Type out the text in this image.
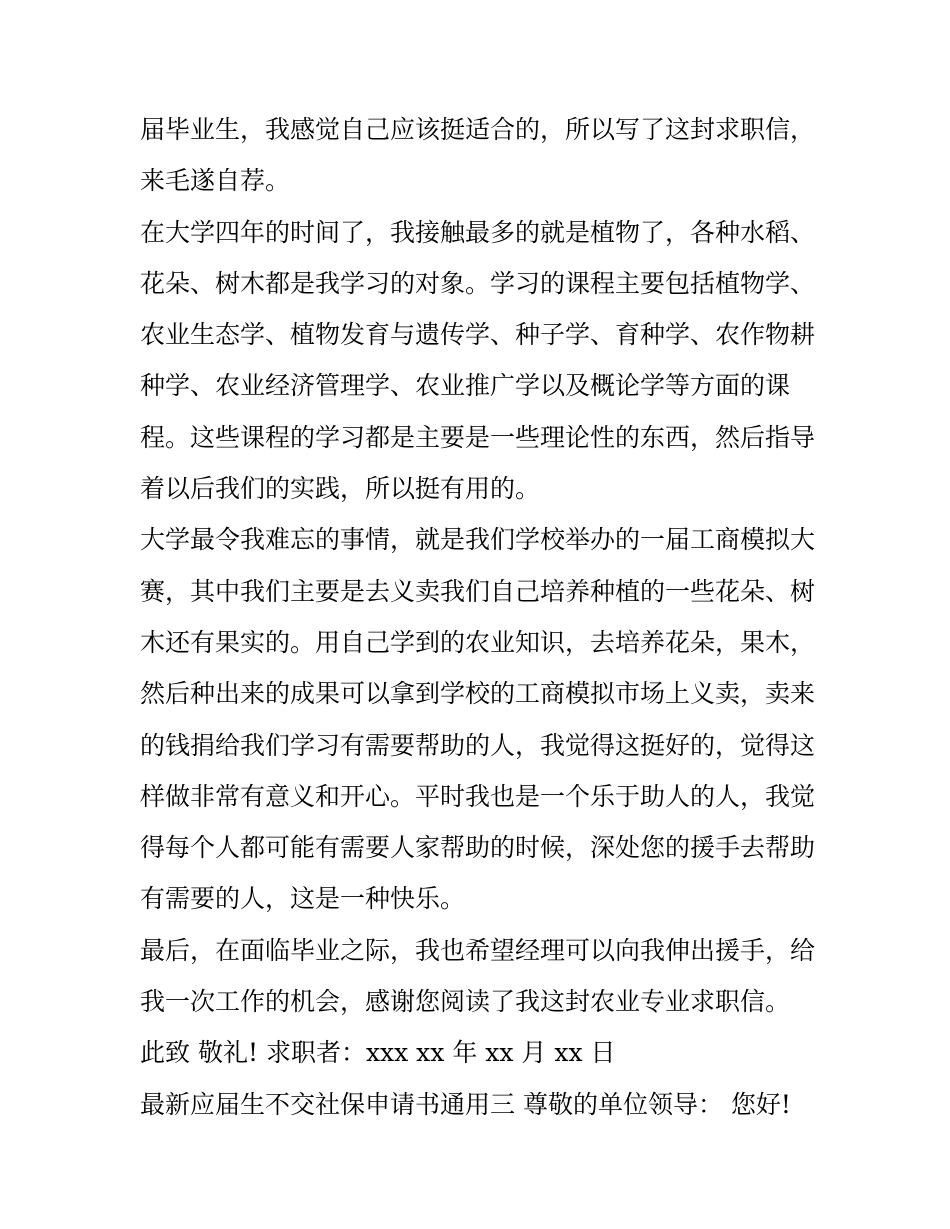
届毕业生，我感觉自己应该挺适合的，所以写了这封求职信，
来毛遂自荐。
在大学四年的时间了，我接触最多的就是植物了，各种水稻、
花朵、树木都是我学习的对象。学习的课程主要包括植物学、
农业生态学、植物发育与遗传学、种子学、育种学、农作物耕
种学、农业经济管理学、农业推广学以及概论学等方面的课
程。这些课程的学习都是主要是一些理论性的东西，然后指导
着以后我们的实践，所以挺有用的。
大学最令我难忘的事情，就是我们学校举办的一届工商模拟大
赛，其中我们主要是去义卖我们自己培养种植的一些花朵、树
木还有果实的。用自己学到的农业知识，去培养花朵，果木，
然后种出来的成果可以拿到学校的工商模拟市场上义卖，卖来
的钱捐给我们学习有需要帮助的人，我觉得这挺好的，觉得这
样做非常有意义和开心。平时我也是一个乐于助人的人，我觉
得每个人都可能有需要人家帮助的时候，深处您的援手去帮助
有需要的人，这是一种快乐。
最后，在面临毕业之际，我也希望经理可以向我伸出援手，给
我一次工作的机会，感谢您阅读了我这封农业专业求职信。
此致 敬礼! 求职者：xxx xx 年 xx 月 xx 日
最新应届生不交社保申请书通用三 尊敬的单位领导： 您好!
